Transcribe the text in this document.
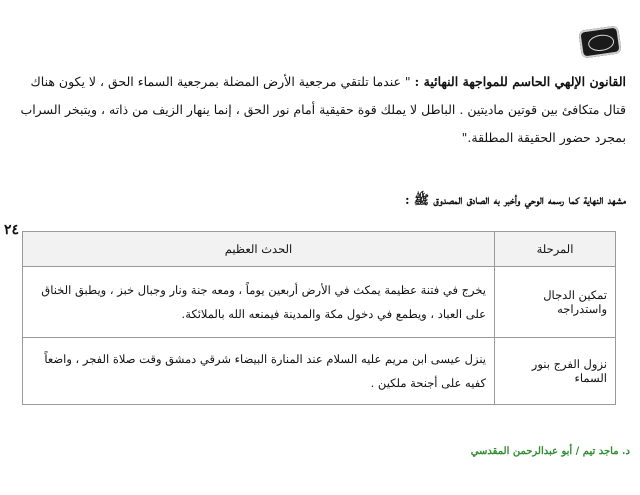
القانون الإلهي الحاسم للمواجهة النهائية : " عندما تلتقي مرجعية الأرض المضلة بمرجعية السماء الحق ، لا يكون هناك قتال متكافئ بين قوتين ماديتين . الباطل لا يملك قوة حقيقية أمام نور الحق ، إنما ينهار الزيف من ذاته ، ويتبخر السراب بمجرد حضور الحقيقة المطلقة."
مشهد النهاية كما رسمه الوحي وأخبر به الصادق المصدوق ﷺ :
٢٤
المرحلة	الحدث العظيم
تمكين الدجال واستدراجه	يخرج في فتنة عظيمة يمكث في الأرض أربعين يوماً ، ومعه جنة ونار وجبال خبز ، ويطبق الخناق على العباد ، ويطمع في دخول مكة والمدينة فيمنعه الله بالملائكة.
نزول الفرج بنور السماء	ينزل عيسى ابن مريم عليه السلام عند المنارة البيضاء شرقي دمشق وقت صلاة الفجر ، واضعاً كفيه على أجنحة ملكين .
د. ماجد تيم / أبو عبدالرحمن المقدسي
